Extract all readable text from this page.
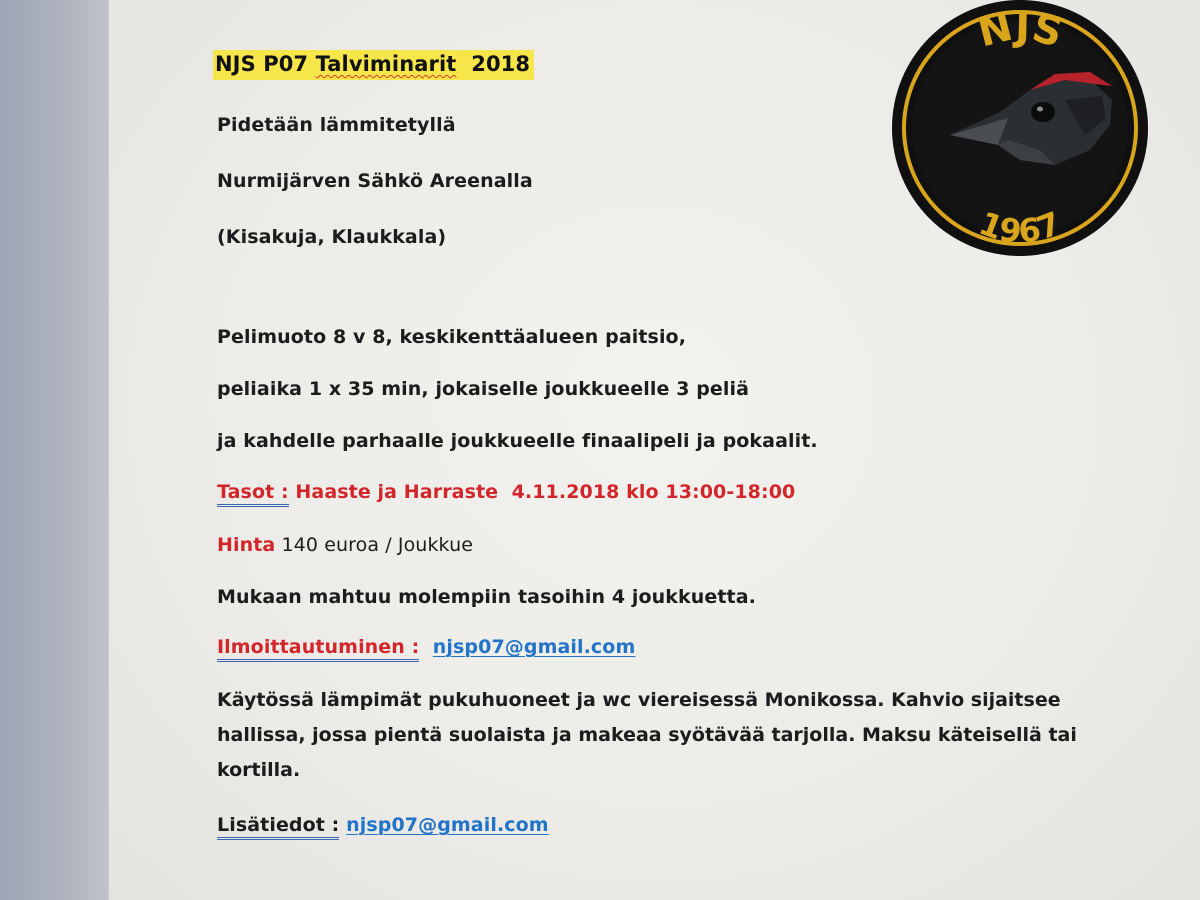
NJS P07 Talviminarit  2018
Pidetään lämmitetyllä
Nurmijärven Sähkö Areenalla
(Kisakuja, Klaukkala)
Pelimuoto 8 v 8, keskikenttäalueen paitsio,
peliaika 1 x 35 min, jokaiselle joukkueelle 3 peliä
ja kahdelle parhaalle joukkueelle finaalipeli ja pokaalit.
Tasot : Haaste ja Harraste  4.11.2018 klo 13:00-18:00
Hinta 140 euroa / Joukkue
Mukaan mahtuu molempiin tasoihin 4 joukkuetta.
Ilmoittautuminen : njsp07@gmail.com
Käytössä lämpimät pukuhuoneet ja wc viereisessä Monikossa. Kahvio sijaitsee hallissa, jossa pientä suolaista ja makeaa syötävää tarjolla. Maksu käteisellä tai kortilla.
Lisätiedot : njsp07@gmail.com
NJS
1967
